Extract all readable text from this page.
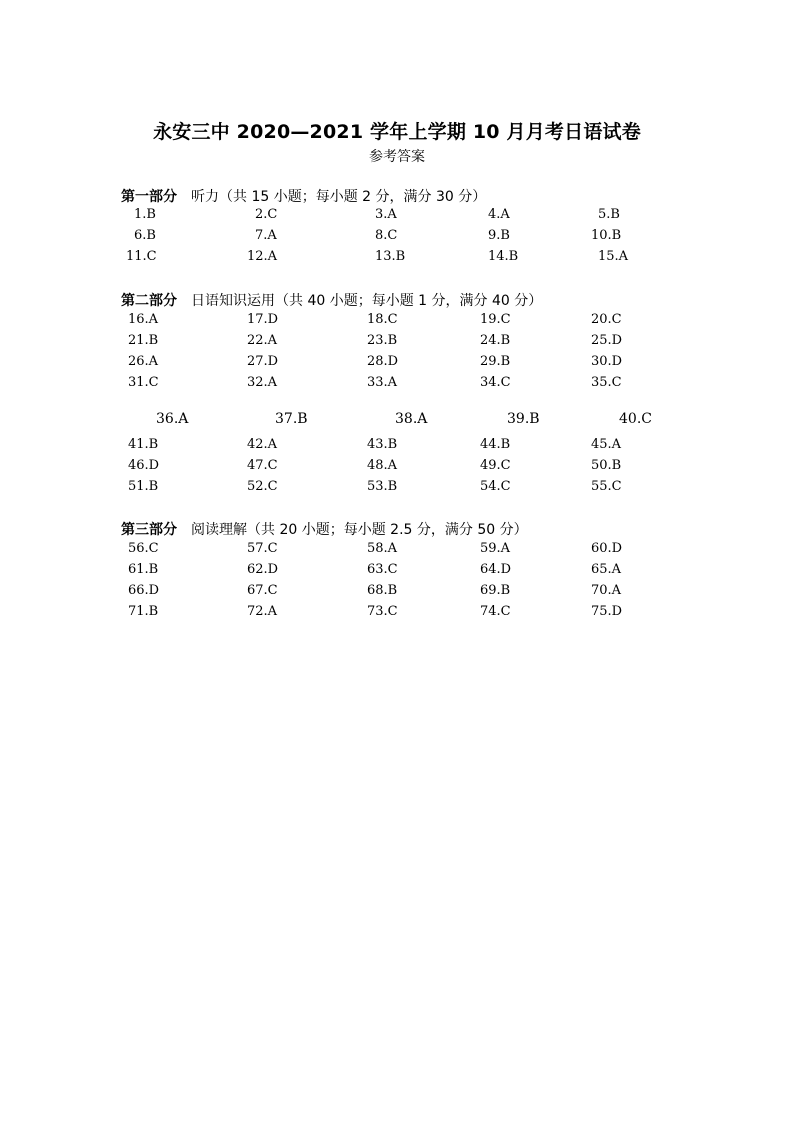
永安三中 2020—2021 学年上学期 10 月月考日语试卷
参考答案
第一部分 听力（共 15 小题；每小题 2 分，满分 30 分）
1.B	2.C	3.A	4.A	5.B
6.B	7.A	8.C	9.B	10.B
11.C	12.A	13.B	14.B	15.A
第二部分 日语知识运用（共 40 小题；每小题 1 分，满分 40 分）
16.A	17.D	18.C	19.C	20.C
21.B	22.A	23.B	24.B	25.D
26.A	27.D	28.D	29.B	30.D
31.C	32.A	33.A	34.C	35.C
36.A	37.B	38.A	39.B	40.C
41.B	42.A	43.B	44.B	45.A
46.D	47.C	48.A	49.C	50.B
51.B	52.C	53.B	54.C	55.C
第三部分 阅读理解（共 20 小题；每小题 2.5 分，满分 50 分）
56.C	57.C	58.A	59.A	60.D
61.B	62.D	63.C	64.D	65.A
66.D	67.C	68.B	69.B	70.A
71.B	72.A	73.C	74.C	75.D
